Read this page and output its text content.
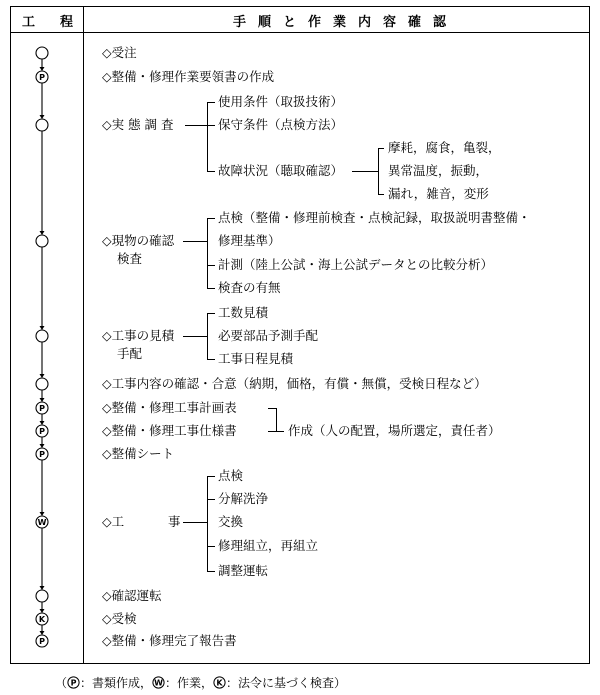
工　程	手順と作業内容確認
P
P
P
P
W
K
P
◇受注
◇整備・修理作業要領書の作成
◇実 態 調 査
使用条件（取扱技術）
保守条件（点検方法）
故障状況（聴取確認）
摩耗，腐食，亀裂，
異常温度，振動，
漏れ，雑音，変形
◇現物の確認
検査
点検（整備・修理前検査・点検記録，取扱説明書整備・
修理基準）
計測（陸上公試・海上公試データとの比較分析）
検査の有無
◇工事の見積
手配
工数見積
必要部品予測手配
工事日程見積
◇工事内容の確認・合意（納期，価格，有償・無償，受検日程など）
◇整備・修理工事計画表
◇整備・修理工事仕様書
◇整備シート
作成（人の配置，場所選定，責任者）
◇工	事
点検
分解洗浄
交換
修理組立，再組立
調整運転
◇確認運転
◇受検
◇整備・修理完了報告書
（ P ：書類作成， W ：作業， K ：法令に基づく検査）
